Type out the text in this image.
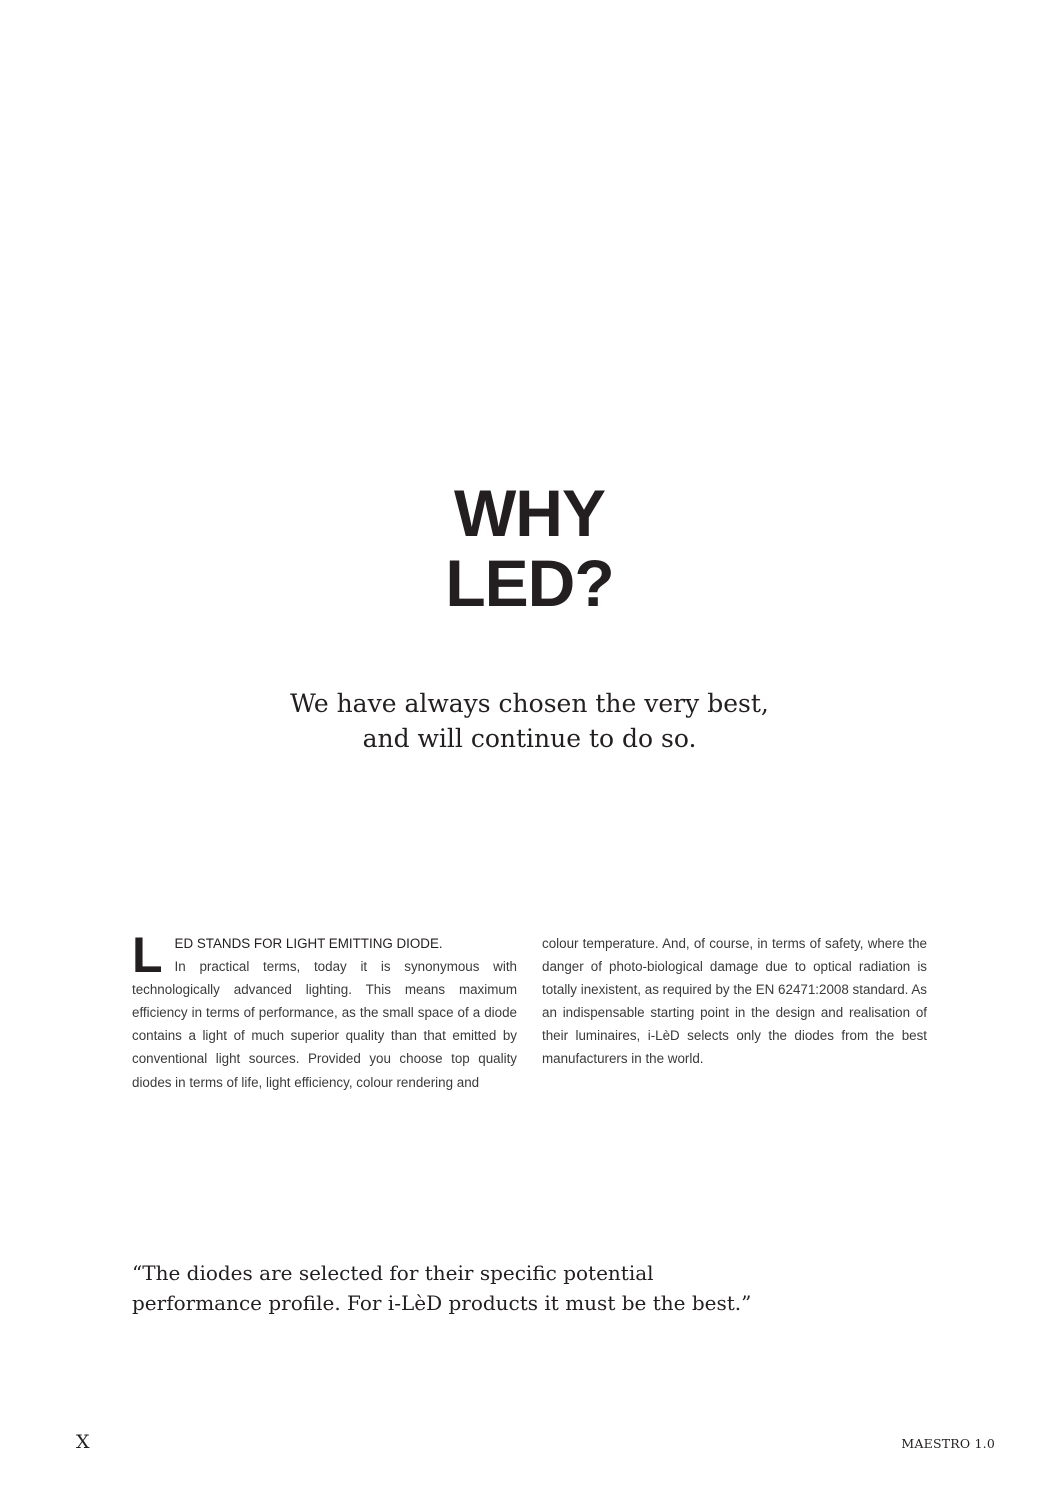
WHY
LED?

We have always chosen the very best,
and will continue to do so.

L ED STANDS FOR LIGHT EMITTING DIODE.
In practical terms, today it is synonymous with technologically advanced lighting. This means maximum efficiency in terms of performance, as the small space of a diode contains a light of much superior quality than that emitted by conventional light sources. Provided you choose top quality diodes in terms of life, light efficiency, colour rendering and
colour temperature. And, of course, in terms of safety, where the danger of photo-biological damage due to optical radiation is totally inexistent, as required by the EN 62471:2008 standard. As an indispensable starting point in the design and realisation of their luminaires, i-LèD selects only the diodes from the best manufacturers in the world.
“The diodes are selected for their specific potential
performance profile. For i-LèD products it must be the best.”
X	MAESTRO 1.0
